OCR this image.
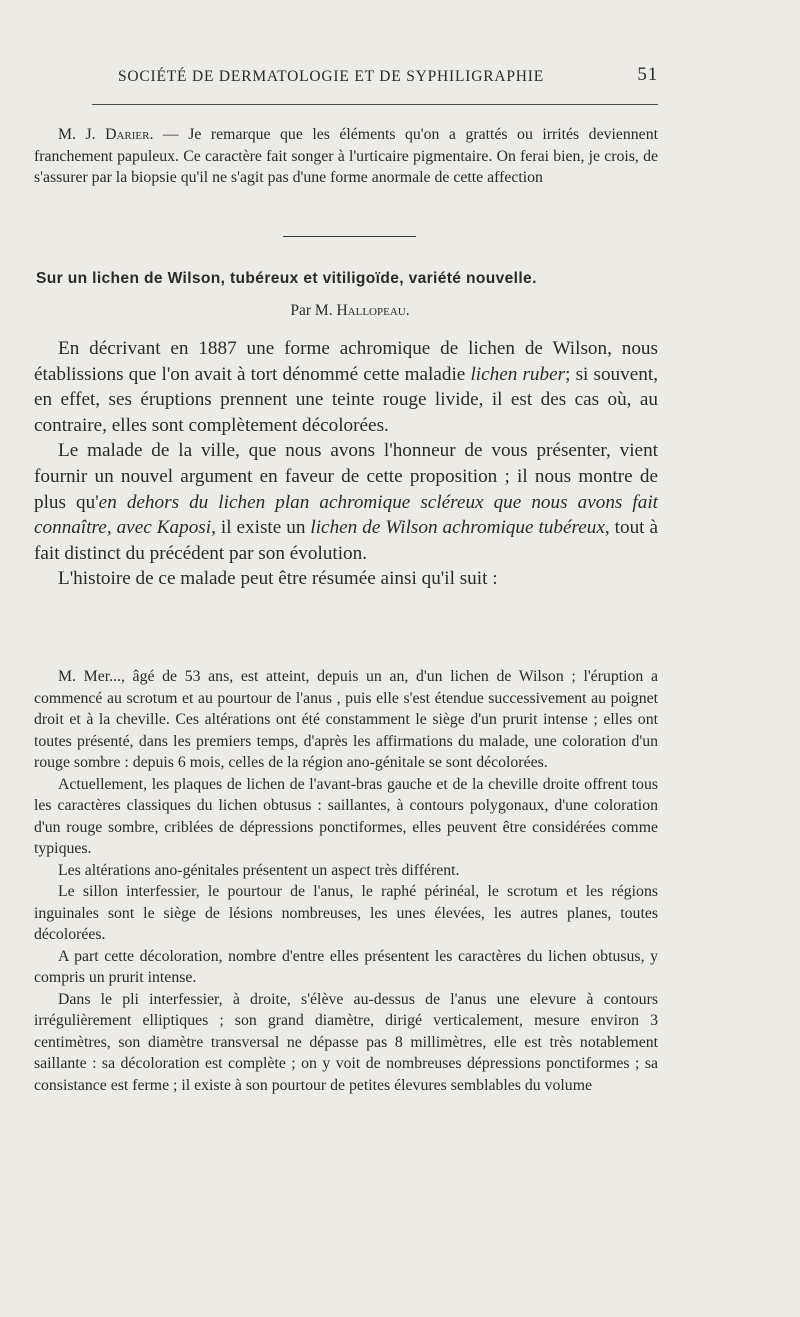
SOCIÉTÉ DE DERMATOLOGIE ET DE SYPHILIGRAPHIE	51

M. J. Darier. — Je remarque que les éléments qu'on a grattés ou irrités deviennent franchement papuleux. Ce caractère fait songer à l'urticaire pigmentaire. On ferai bien, je crois, de s'assurer par la biopsie qu'il ne s'agit pas d'une forme anormale de cette affection

Sur un lichen de Wilson, tubéreux et vitiligoïde, variété nouvelle.
Par M. Hallopeau.

En décrivant en 1887 une forme achromique de lichen de Wilson, nous établissions que l'on avait à tort dénommé cette maladie lichen ruber; si souvent, en effet, ses éruptions prennent une teinte rouge livide, il est des cas où, au contraire, elles sont complètement décolorées.

Le malade de la ville, que nous avons l'honneur de vous présenter, vient fournir un nouvel argument en faveur de cette proposition ; il nous montre de plus qu'en dehors du lichen plan achromique scléreux que nous avons fait connaître, avec Kaposi, il existe un lichen de Wilson achromique tubéreux, tout à fait distinct du précédent par son évolution.

L'histoire de ce malade peut être résumée ainsi qu'il suit :

M. Mer..., âgé de 53 ans, est atteint, depuis un an, d'un lichen de Wilson ; l'éruption a commencé au scrotum et au pourtour de l'anus , puis elle s'est étendue successivement au poignet droit et à la cheville. Ces altérations ont été constamment le siège d'un prurit intense ; elles ont toutes présenté, dans les premiers temps, d'après les affirmations du malade, une coloration d'un rouge sombre : depuis 6 mois, celles de la région ano-génitale se sont décolorées.

Actuellement, les plaques de lichen de l'avant-bras gauche et de la cheville droite offrent tous les caractères classiques du lichen obtusus : saillantes, à contours polygonaux, d'une coloration d'un rouge sombre, criblées de dépressions ponctiformes, elles peuvent être considérées comme typiques.

Les altérations ano-génitales présentent un aspect très différent.

Le sillon interfessier, le pourtour de l'anus, le raphé périnéal, le scrotum et les régions inguinales sont le siège de lésions nombreuses, les unes élevées, les autres planes, toutes décolorées.

A part cette décoloration, nombre d'entre elles présentent les caractères du lichen obtusus, y compris un prurit intense.

Dans le pli interfessier, à droite, s'élève au-dessus de l'anus une elevure à contours irrégulièrement elliptiques ; son grand diamètre, dirigé verticalement, mesure environ 3 centimètres, son diamètre transversal ne dépasse pas 8 millimètres, elle est très notablement saillante : sa décoloration est complète ; on y voit de nombreuses dépressions ponctiformes ; sa consistance est ferme ; il existe à son pourtour de petites élevures semblables du volume
